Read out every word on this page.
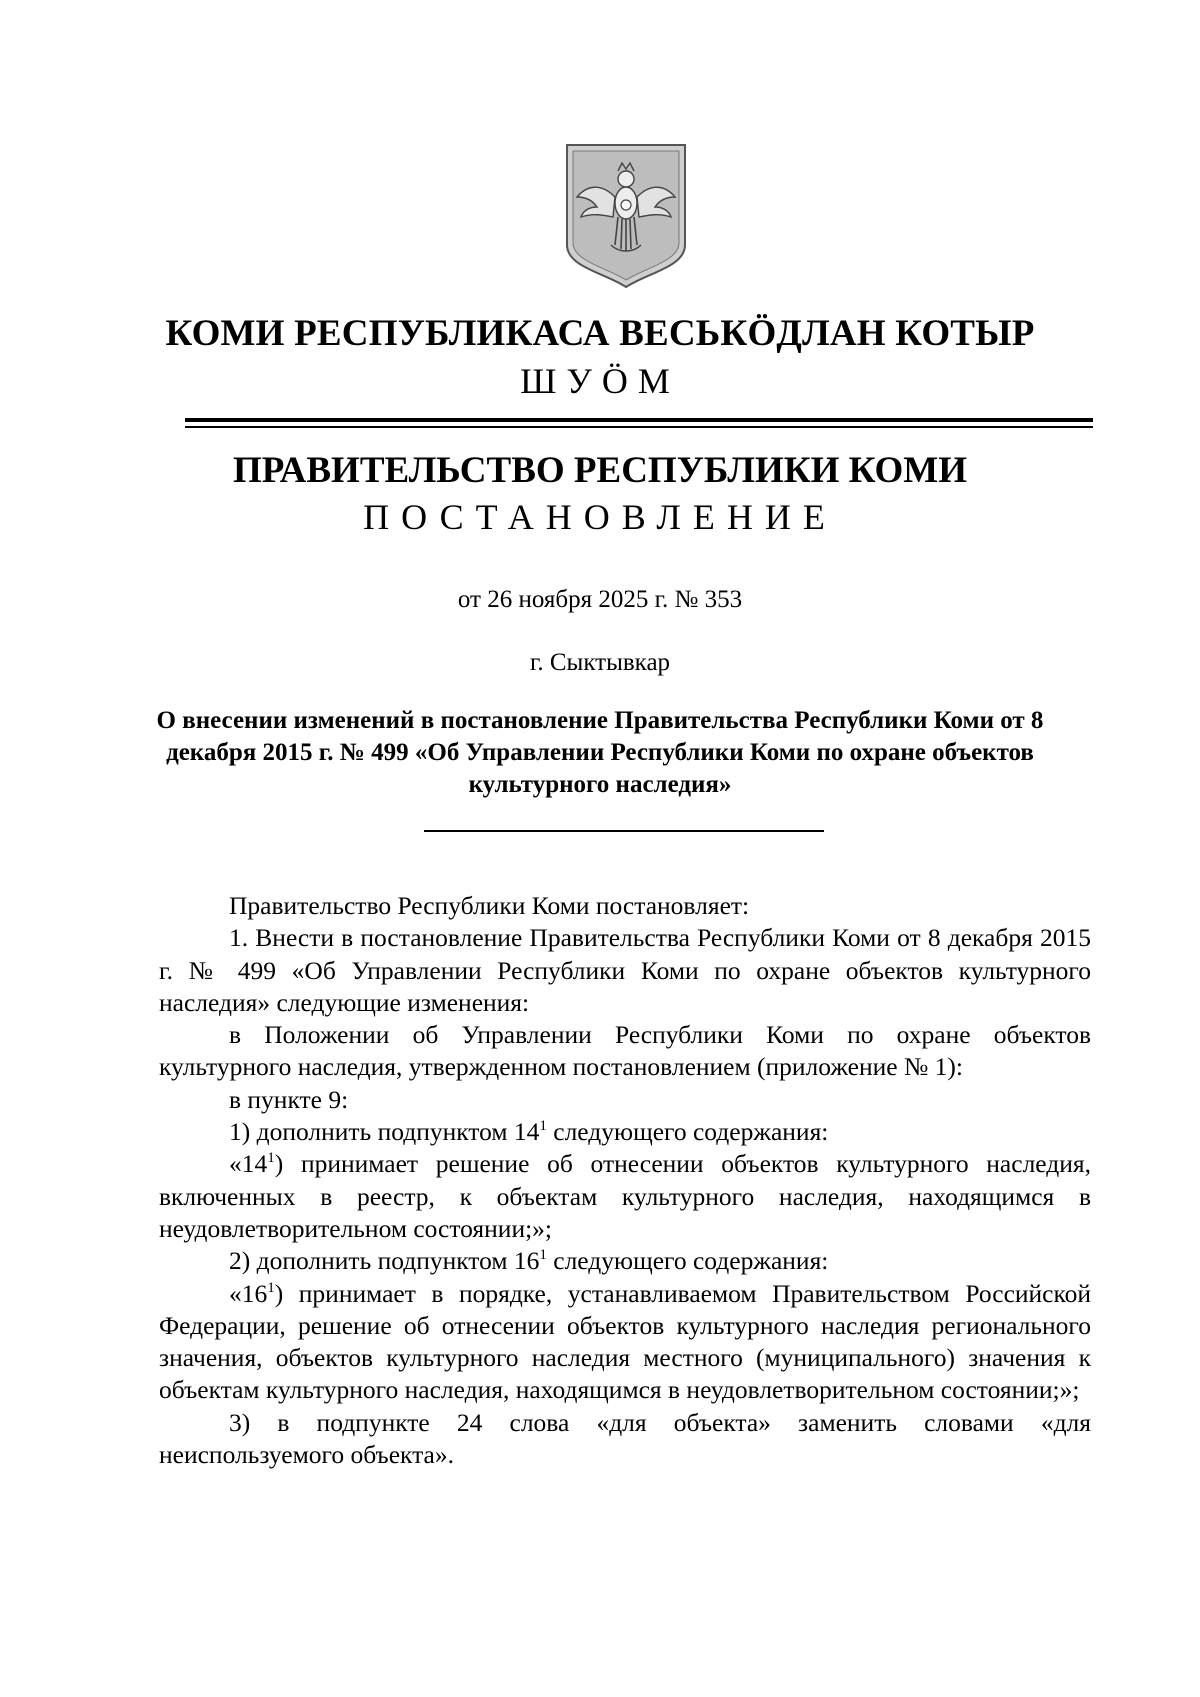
КОМИ РЕСПУБЛИКАСА ВЕСЬКӦДЛАН КОТЫР
ШУӦМ
ПРАВИТЕЛЬСТВО РЕСПУБЛИКИ КОМИ
ПОСТАНОВЛЕНИЕ
от 26 ноября 2025 г. № 353
г. Сыктывкар
О внесении изменений в постановление Правительства Республики Коми от 8 декабря 2015 г. № 499 «Об Управлении Республики Коми по охране объектов культурного наследия»

Правительство Республики Коми постановляет:

1. Внести в постановление Правительства Республики Коми от 8 декабря 2015 г. № 499 «Об Управлении Республики Коми по охране объектов культурного наследия» следующие изменения:

в Положении об Управлении Республики Коми по охране объектов культурного наследия, утвержденном постановлением (приложение № 1):

в пункте 9:

1) дополнить подпунктом $14^1$ следующего содержания:

«$14^1$) принимает решение об отнесении объектов культурного наследия, включенных в реестр, к объектам культурного наследия, находящимся в неудовлетворительном состоянии;»;

2) дополнить подпунктом $16^1$ следующего содержания:

«$16^1$) принимает в порядке, устанавливаемом Правительством Российской Федерации, решение об отнесении объектов культурного наследия регионального значения, объектов культурного наследия местного (муниципального) значения к объектам культурного наследия, находящимся в неудовлетворительном состоянии;»;

3) в подпункте 24 слова «для объекта» заменить словами «для неиспользуемого объекта».
